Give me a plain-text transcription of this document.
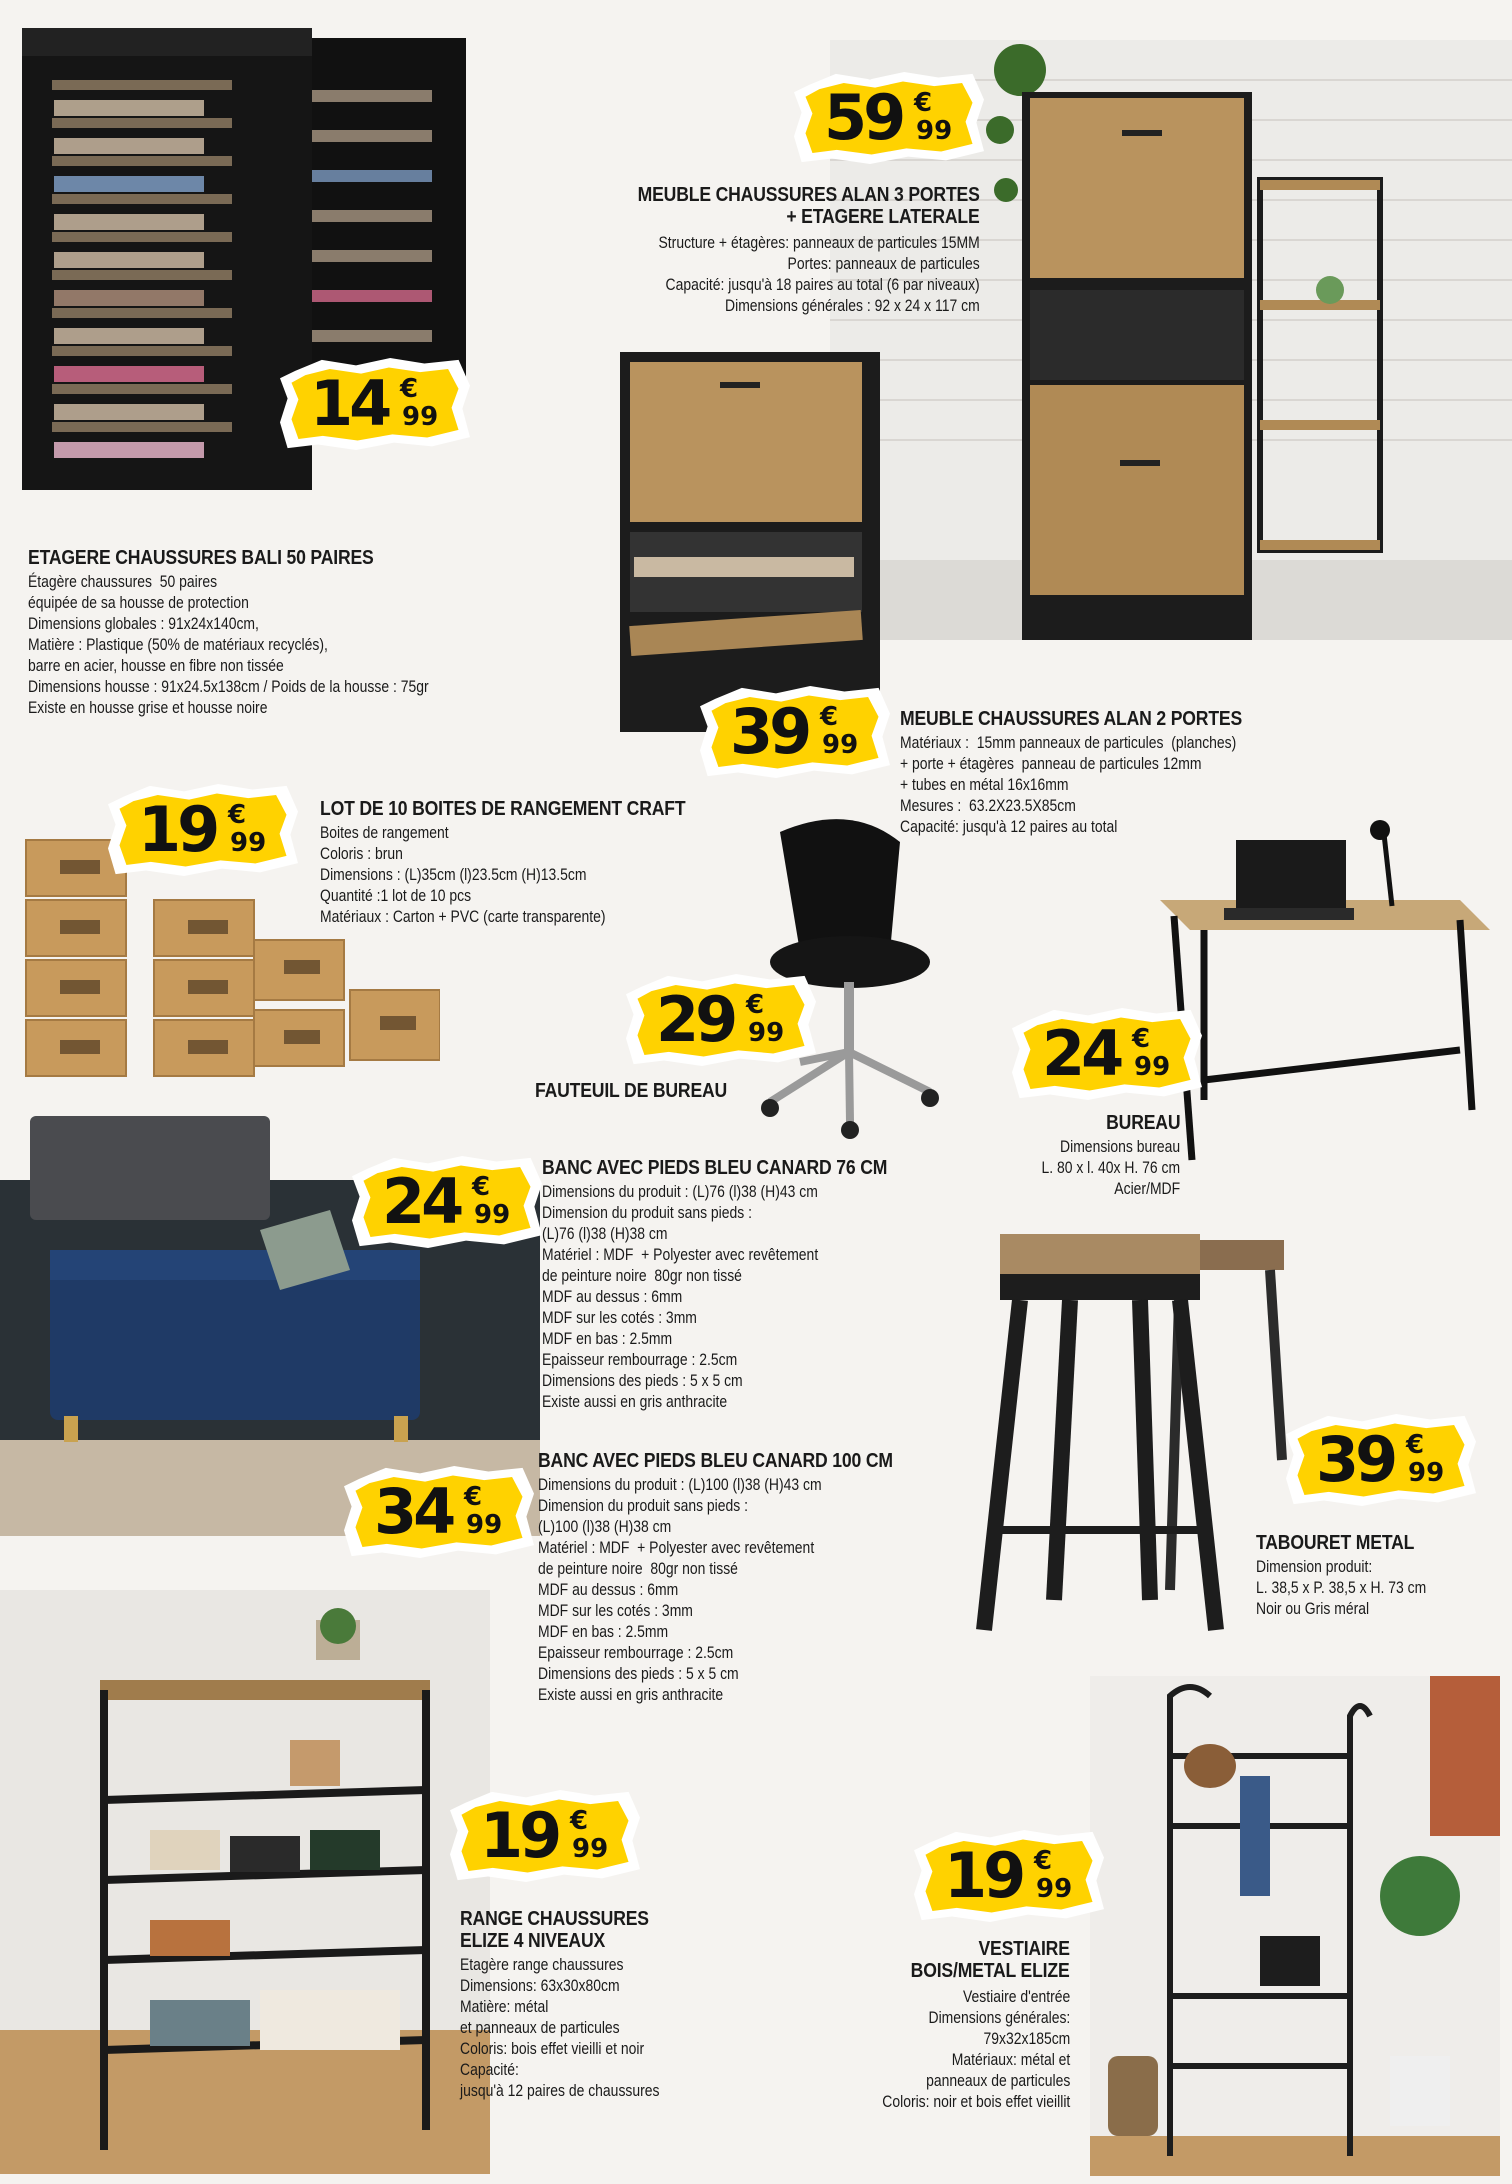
ETAGERE CHAUSSURES BALI 50 PAIRES
Étagère chaussures  50 paires
équipée de sa housse de protection
Dimensions globales : 91x24x140cm,
Matière : Plastique (50% de matériaux recyclés),
barre en acier, housse en fibre non tissée
Dimensions housse : 91x24.5x138cm / Poids de la housse : 75gr
Existe en housse grise et housse noire
MEUBLE CHAUSSURES ALAN 3 PORTES
+ ETAGERE LATERALE
Structure + étagères: panneaux de particules 15MM
Portes: panneaux de particules
Capacité: jusqu'à 18 paires au total (6 par niveaux)
Dimensions générales : 92 x 24 x 117 cm
MEUBLE CHAUSSURES ALAN 2 PORTES
Matériaux :  15mm panneaux de particules  (planches)
+ porte + étagères  panneau de particules 12mm
+ tubes en métal 16x16mm
Mesures :  63.2X23.5X85cm
Capacité: jusqu'à 12 paires au total
LOT DE 10 BOITES DE RANGEMENT CRAFT
Boites de rangement
Coloris : brun
Dimensions : (L)35cm (l)23.5cm (H)13.5cm
Quantité :1 lot de 10 pcs
Matériaux : Carton + PVC (carte transparente)
FAUTEUIL DE BUREAU
BUREAU
Dimensions bureau
L. 80 x l. 40x H. 76 cm
Acier/MDF
BANC AVEC PIEDS BLEU CANARD 76 CM
Dimensions du produit : (L)76 (l)38 (H)43 cm
Dimension du produit sans pieds :
(L)76 (l)38 (H)38 cm
Matériel : MDF  + Polyester avec revêtement
de peinture noire  80gr non tissé
MDF au dessus : 6mm
MDF sur les cotés : 3mm
MDF en bas : 2.5mm
Epaisseur rembourrage : 2.5cm
Dimensions des pieds : 5 x 5 cm
Existe aussi en gris anthracite
BANC AVEC PIEDS BLEU CANARD 100 CM
Dimensions du produit : (L)100 (l)38 (H)43 cm
Dimension du produit sans pieds :
(L)100 (l)38 (H)38 cm
Matériel : MDF  + Polyester avec revêtement
de peinture noire  80gr non tissé
MDF au dessus : 6mm
MDF sur les cotés : 3mm
MDF en bas : 2.5mm
Epaisseur rembourrage : 2.5cm
Dimensions des pieds : 5 x 5 cm
Existe aussi en gris anthracite
TABOURET METAL
Dimension produit:
L. 38,5 x P. 38,5 x H. 73 cm
Noir ou Gris méral
RANGE CHAUSSURES
ELIZE 4 NIVEAUX
Etagère range chaussures
Dimensions: 63x30x80cm
Matière: métal
et panneaux de particules
Coloris: bois effet vieilli et noir
Capacité:
jusqu'à 12 paires de chaussures
VESTIAIRE
BOIS/METAL ELIZE
Vestiaire d'entrée
Dimensions générales:
79x32x185cm
Matériaux: métal et
panneaux de particules
Coloris: noir et bois effet vieillit
14 €
99
59 €
99
39 €
99
19 €
99
29 €
99	24 €
99
24 €
99
34 €
99
39 €
99
19 €
99	19 €
99
